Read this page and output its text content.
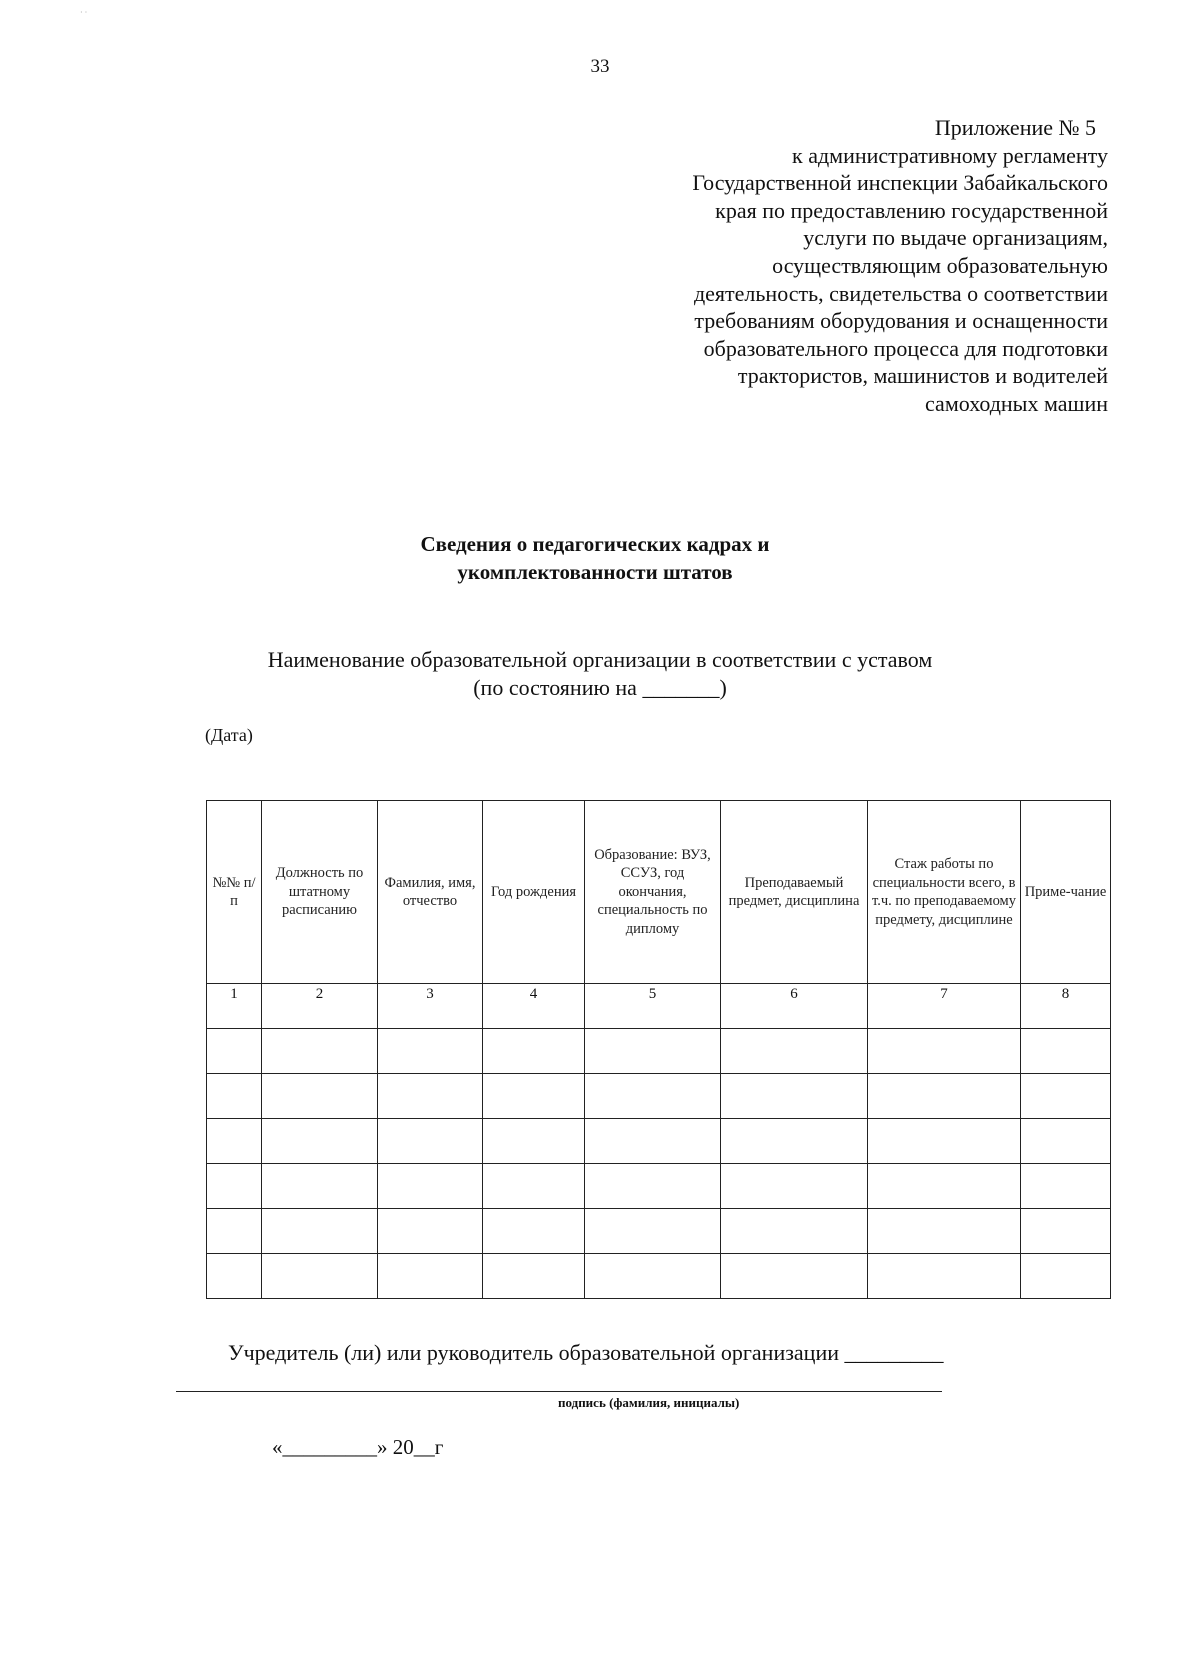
· ·
33
Приложение № 5
к административному регламенту
Государственной инспекции Забайкальского
края по предоставлению государственной
услуги по выдаче организациям,
осуществляющим образовательную
деятельность, свидетельства о соответствии
требованиям оборудования и оснащенности
образовательного процесса для подготовки
трактористов, машинистов и водителей
самоходных машин
Сведения о педагогических кадрах и
укомплектованности штатов
Наименование образовательной организации в соответствии с уставом
(по состоянию на _______)
(Дата)
№№ п/п	Должность по штатному расписанию	Фамилия, имя, отчество	Год рождения	Образование: ВУЗ, ССУЗ, год окончания, специальность по диплому	Преподаваемый предмет, дисциплина	Стаж работы по специальности всего, в т.ч. по преподаваемому предмету, дисциплине	Приме-чание
1	2	3	4	5	6	7	8

Учредитель (ли) или руководитель образовательной организации _________
подпись (фамилия, инициалы)
«_________» 20__г
